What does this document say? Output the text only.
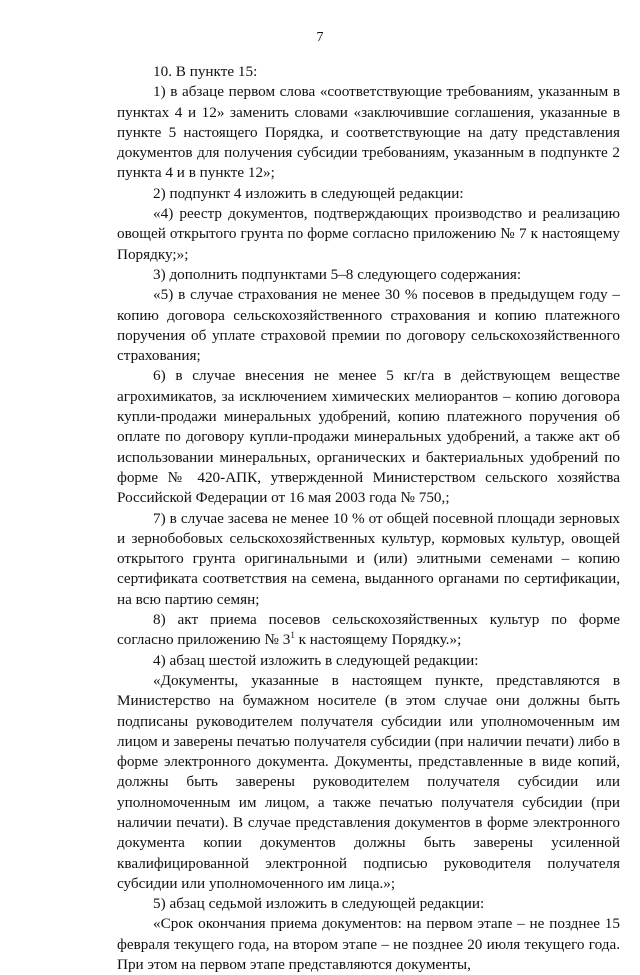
7

10. В пункте 15:

1) в абзаце первом слова «соответствующие требованиям, указанным в пунктах 4 и 12» заменить словами «заключившие соглашения, указанные в пункте 5 настоящего Порядка, и соответствующие на дату представления документов для получения субсидии требованиям, указанным в подпункте 2 пункта 4 и в пункте 12»;

2) подпункт 4 изложить в следующей редакции:

«4) реестр документов, подтверждающих производство и реализацию овощей открытого грунта по форме согласно приложению № 7 к настоящему Порядку;»;

3) дополнить подпунктами 5–8 следующего содержания:

«5) в случае страхования не менее 30 % посевов в предыдущем году – копию договора сельскохозяйственного страхования и копию платежного поручения об уплате страховой премии по договору сельскохозяйственного страхования;

6) в случае внесения не менее 5 кг/га в действующем веществе агрохимикатов, за исключением химических мелиорантов – копию договора купли-продажи минеральных удобрений, копию платежного поручения об оплате по договору купли-продажи минеральных удобрений, а также акт об использовании минеральных, органических и бактериальных удобрений по форме № 420-АПК, утвержденной Министерством сельского хозяйства Российской Федерации от 16 мая 2003 года № 750,;

7) в случае засева не менее 10 % от общей посевной площади зерновых и зернобобовых сельскохозяйственных культур, кормовых культур, овощей открытого грунта оригинальными и (или) элитными семенами – копию сертификата соответствия на семена, выданного органами по сертификации, на всю партию семян;

8) акт приема посевов сельскохозяйственных культур по форме согласно приложению № $3^1$ к настоящему Порядку.»;

4) абзац шестой изложить в следующей редакции:

«Документы, указанные в настоящем пункте, представляются в Министерство на бумажном носителе (в этом случае они должны быть подписаны руководителем получателя субсидии или уполномоченным им лицом и заверены печатью получателя субсидии (при наличии печати) либо в форме электронного документа. Документы, представленные в виде копий, должны быть заверены руководителем получателя субсидии или уполномоченным им лицом, а также печатью получателя субсидии (при наличии печати). В случае представления документов в форме электронного документа копии документов должны быть заверены усиленной квалифицированной электронной подписью руководителя получателя субсидии или уполномоченного им лица.»;

5) абзац седьмой изложить в следующей редакции:

«Срок окончания приема документов: на первом этапе – не позднее 15 февраля текущего года, на втором этапе – не позднее 20 июля текущего года. При этом на первом этапе представляются документы,
